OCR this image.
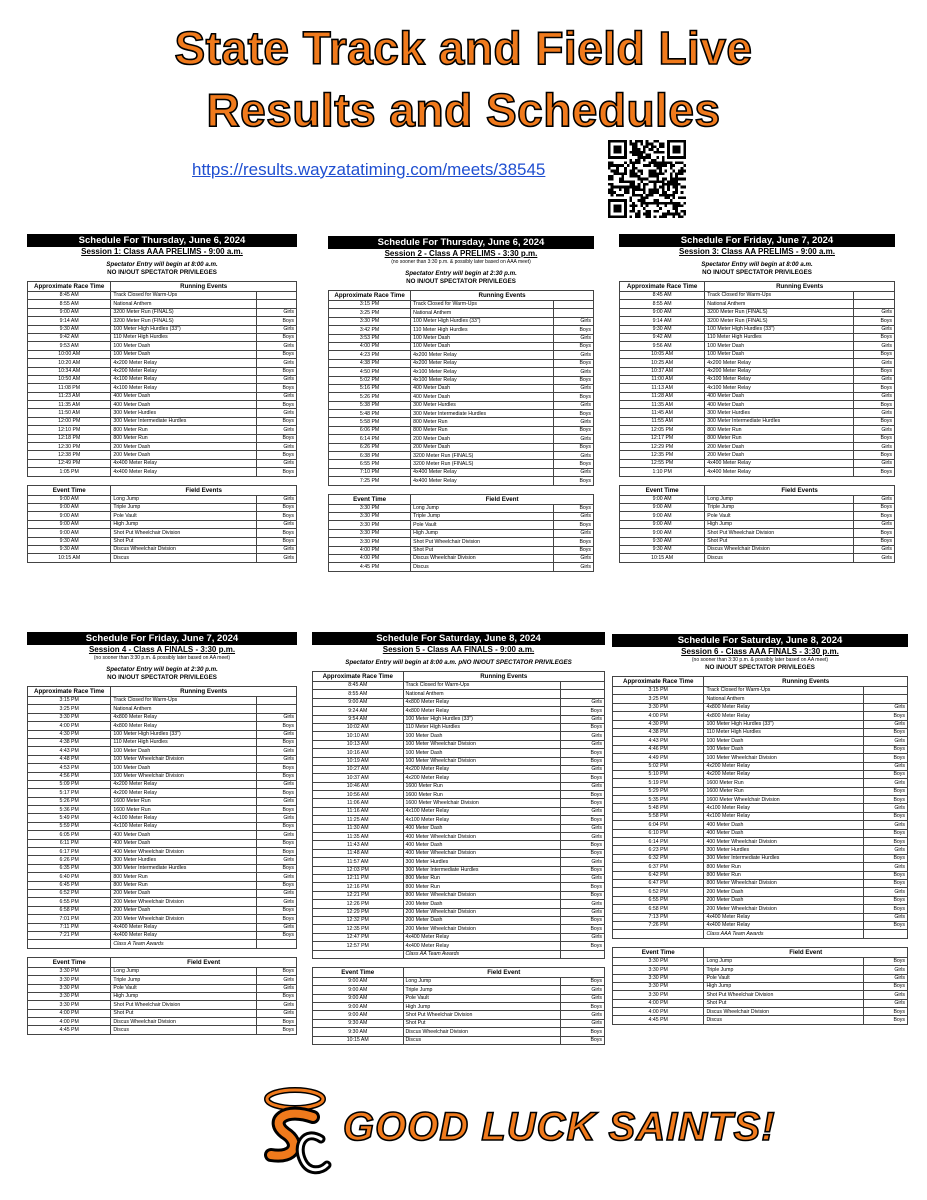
State Track and Field Live
Results and Schedules
https://results.wayzatatiming.com/meets/38545
Schedule For Thursday, June 6, 2024
Session 1: Class AAA PRELIMS - 9:00 a.m.
Spectator Entry will begin at 8:00 a.m.
NO IN/OUT SPECTATOR PRIVILEGES
Approximate Race Time	Running Events	
8:45 AM	Track Closed for Warm-Ups	
8:55 AM	National Anthem	
9:00 AM	3200 Meter Run (FINALS)	Girls
9:14 AM	3200 Meter Run (FINALS)	Boys
9:30 AM	100 Meter High Hurdles (33")	Girls
9:42 AM	110 Meter High Hurdles	Boys
9:53 AM	100 Meter Dash	Girls
10:00 AM	100 Meter Dash	Boys
10:20 AM	4x200 Meter Relay	Girls
10:34 AM	4x200 Meter Relay	Boys
10:50 AM	4x100 Meter Relay	Girls
11:08 PM	4x100 Meter Relay	Boys
11:23 AM	400 Meter Dash	Girls
11:35 AM	400 Meter Dash	Boys
11:50 AM	300 Meter Hurdles	Girls
12:00 PM	300 Meter Intermediate Hurdles	Boys
12:10 PM	800 Meter Run	Girls
12:18 PM	800 Meter Run	Boys
12:30 PM	200 Meter Dash	Girls
12:38 PM	200 Meter Dash	Boys
12:49 PM	4x400 Meter Relay	Girls
1:05 PM	4x400 Meter Relay	Boys
Event Time	Field Events	
9:00 AM	Long Jump	Girls
9:00 AM	Triple Jump	Boys
9:00 AM	Pole Vault	Boys
9:00 AM	High Jump	Girls
9:00 AM	Shot Put Wheelchair Division	Boys
9:30 AM	Shot Put	Boys
9:30 AM	Discus Wheelchair Division	Girls
10:15 AM	Discus	Girls
Schedule For Thursday, June 6, 2024
Session 2 - Class A PRELIMS - 3:30 p.m.
(no sooner than 3:30 p.m. & possibly later based on AAA meet)
Spectator Entry will begin at 2:30 p.m.
NO IN/OUT SPECTATOR PRIVILEGES
Approximate Race Time	Running Events	
3:15 PM	Track Closed for Warm-Ups	
3:25 PM	National Anthem	
3:30 PM	100 Meter High Hurdles (33")	Girls
3:42 PM	110 Meter High Hurdles	Boys
3:53 PM	100 Meter Dash	Girls
4:00 PM	100 Meter Dash	Boys
4:23 PM	4x200 Meter Relay	Girls
4:38 PM	4x200 Meter Relay	Boys
4:50 PM	4x100 Meter Relay	Girls
5:02 PM	4x100 Meter Relay	Boys
5:16 PM	400 Meter Dash	Girls
5:26 PM	400 Meter Dash	Boys
5:38 PM	300 Meter Hurdles	Girls
5:48 PM	300 Meter Intermediate Hurdles	Boys
5:58 PM	800 Meter Run	Girls
6:06 PM	800 Meter Run	Boys
6:14 PM	200 Meter Dash	Girls
6:26 PM	200 Meter Dash	Boys
6:38 PM	3200 Meter Run (FINALS)	Girls
6:55 PM	3200 Meter Run (FINALS)	Boys
7:10 PM	4x400 Meter Relay	Girls
7:25 PM	4x400 Meter Relay	Boys
Event Time	Field Event	
3:30 PM	Long Jump	Boys
3:30 PM	Triple Jump	Girls
3:30 PM	Pole Vault	Boys
3:30 PM	High Jump	Girls
3:30 PM	Shot Put Wheelchair Division	Boys
4:00 PM	Shot Put	Boys
4:00 PM	Discus Wheelchair Division	Girls
4:45 PM	Discus	Girls
Schedule For Friday, June 7, 2024
Session 3: Class AA PRELIMS - 9:00 a.m.
Spectator Entry will begin at 8:00 a.m.
NO IN/OUT SPECTATOR PRIVILEGES
Approximate Race Time	Running Events	
8:45 AM	Track Closed for Warm-Ups	
8:55 AM	National Anthem	
9:00 AM	3200 Meter Run (FINALS)	Girls
9:14 AM	3200 Meter Run (FINALS)	Boys
9:30 AM	100 Meter High Hurdles (33")	Girls
9:42 AM	110 Meter High Hurdles	Boys
9:56 AM	100 Meter Dash	Girls
10:05 AM	100 Meter Dash	Boys
10:25 AM	4x200 Meter Relay	Girls
10:37 AM	4x200 Meter Relay	Boys
11:00 AM	4x100 Meter Relay	Girls
11:13 AM	4x100 Meter Relay	Boys
11:28 AM	400 Meter Dash	Girls
11:35 AM	400 Meter Dash	Boys
11:45 AM	300 Meter Hurdles	Girls
11:55 AM	300 Meter Intermediate Hurdles	Boys
12:05 PM	800 Meter Run	Girls
12:17 PM	800 Meter Run	Boys
12:29 PM	200 Meter Dash	Girls
12:35 PM	200 Meter Dash	Boys
12:55 PM	4x400 Meter Relay	Girls
1:10 PM	4x400 Meter Relay	Boys
Event Time	Field Events	
9:00 AM	Long Jump	Girls
9:00 AM	Triple Jump	Boys
9:00 AM	Pole Vault	Boys
9:00 AM	High Jump	Girls
9:00 AM	Shot Put Wheelchair Division	Boys
9:30 AM	Shot Put	Boys
9:30 AM	Discus Wheelchair Division	Girls
10:15 AM	Discus	Girls
Schedule For Friday, June 7, 2024
Session 4 - Class A FINALS - 3:30 p.m.
(no sooner than 3:30 p.m. & possibly later based on AA meet)
Spectator Entry will begin at 2:30 p.m.
NO IN/OUT SPECTATOR PRIVILEGES
Approximate Race Time	Running Events	
3:15 PM	Track Closed for Warm-Ups	
3:25 PM	National Anthem	
3:30 PM	4x800 Meter Relay	Girls
4:00 PM	4x800 Meter Relay	Boys
4:30 PM	100 Meter High Hurdles (33")	Girls
4:38 PM	110 Meter High Hurdles	Boys
4:43 PM	100 Meter Dash	Girls
4:48 PM	100 Meter Wheelchair Division	Girls
4:53 PM	100 Meter Dash	Boys
4:56 PM	100 Meter Wheelchair Division	Boys
5:09 PM	4x200 Meter Relay	Girls
5:17 PM	4x200 Meter Relay	Boys
5:26 PM	1600 Meter Run	Girls
5:36 PM	1600 Meter Run	Boys
5:49 PM	4x100 Meter Relay	Girls
5:59 PM	4x100 Meter Relay	Boys
6:05 PM	400 Meter Dash	Girls
6:11 PM	400 Meter Dash	Boys
6:17 PM	400 Meter Wheelchair Division	Boys
6:26 PM	300 Meter Hurdles	Girls
6:35 PM	300 Meter Intermediate Hurdles	Boys
6:40 PM	800 Meter Run	Girls
6:45 PM	800 Meter Run	Boys
6:52 PM	200 Meter Dash	Girls
6:55 PM	200 Meter Wheelchair Division	Girls
6:58 PM	200 Meter Dash	Boys
7:01 PM	200 Meter Wheelchair Division	Boys
7:11 PM	4x400 Meter Relay	Girls
7:21 PM	4x400 Meter Relay	Boys
	Class A Team Awards	
Event Time	Field Event	
3:30 PM	Long Jump	Boys
3:30 PM	Triple Jump	Girls
3:30 PM	Pole Vault	Girls
3:30 PM	High Jump	Boys
3:30 PM	Shot Put Wheelchair Division	Girls
4:00 PM	Shot Put	Girls
4:00 PM	Discus Wheelchair Division	Boys
4:45 PM	Discus	Boys
Schedule For Saturday, June 8, 2024
Session 5 - Class AA FINALS - 9:00 a.m.
Spectator Entry will begin at 8:00 a.m. pNO IN/OUT SPECTATOR PRIVILEGES
Approximate Race Time	Running Events	
8:45 AM	Track Closed for Warm-Ups	
8:55 AM	National Anthem	
9:00 AM	4x800 Meter Relay	Girls
9:24 AM	4x800 Meter Relay	Boys
9:54 AM	100 Meter High Hurdles (33")	Girls
10:02 AM	110 Meter High Hurdles	Boys
10:10 AM	100 Meter Dash	Girls
10:13 AM	100 Meter Wheelchair Division	Girls
10:16 AM	100 Meter Dash	Boys
10:19 AM	100 Meter Wheelchair Division	Boys
10:27 AM	4x200 Meter Relay	Girls
10:37 AM	4x200 Meter Relay	Boys
10:46 AM	1600 Meter Run	Girls
10:56 AM	1600 Meter Run	Boys
11:06 AM	1600 Meter Wheelchair Division	Boys
11:16 AM	4x100 Meter Relay	Girls
11:25 AM	4x100 Meter Relay	Boys
11:30 AM	400 Meter Dash	Girls
11:35 AM	400 Meter Wheelchair Division	Girls
11:43 AM	400 Meter Dash	Boys
11:48 AM	400 Meter Wheelchair Division	Boys
11:57 AM	300 Meter Hurdles	Girls
12:03 PM	300 Meter Intermediate Hurdles	Boys
12:11 PM	800 Meter Run	Girls
12:16 PM	800 Meter Run	Boys
12:21 PM	800 Meter Wheelchair Division	Boys
12:26 PM	200 Meter Dash	Girls
12:29 PM	200 Meter Wheelchair Division	Girls
12:32 PM	200 Meter Dash	Boys
12:35 PM	200 Meter Wheelchair Division	Boys
12:47 PM	4x400 Meter Relay	Girls
12:57 PM	4x400 Meter Relay	Boys
	Class AA Team Awards	
Event Time	Field Event	
9:00 AM	Long Jump	Boys
9:00 AM	Triple Jump	Girls
9:00 AM	Pole Vault	Girls
9:00 AM	High Jump	Boys
9:00 AM	Shot Put Wheelchair Division	Girls
9:30 AM	Shot Put	Girls
9:30 AM	Discus Wheelchair Division	Boys
10:15 AM	Discus	Boys
Schedule For Saturday, June 8, 2024
Session 6 - Class AAA FINALS - 3:30 p.m.
(no sooner than 3:30 p.m. & possibly later based on AA meet)
NO IN/OUT SPECTATOR PRIVILEGES
Approximate Race Time	Running Events	
3:15 PM	Track Closed for Warm-Ups	
3:25 PM	National Anthem	
3:30 PM	4x800 Meter Relay	Girls
4:00 PM	4x800 Meter Relay	Boys
4:30 PM	100 Meter High Hurdles (33")	Girls
4:38 PM	110 Meter High Hurdles	Boys
4:43 PM	100 Meter Dash	Girls
4:46 PM	100 Meter Dash	Boys
4:49 PM	100 Meter Wheelchair Division	Boys
5:02 PM	4x200 Meter Relay	Girls
5:10 PM	4x200 Meter Relay	Boys
5:19 PM	1600 Meter Run	Girls
5:29 PM	1600 Meter Run	Boys
5:35 PM	1600 Meter Wheelchair Division	Boys
5:48 PM	4x100 Meter Relay	Girls
5:58 PM	4x100 Meter Relay	Boys
6:04 PM	400 Meter Dash	Girls
6:10 PM	400 Meter Dash	Boys
6:14 PM	400 Meter Wheelchair Division	Boys
6:23 PM	300 Meter Hurdles	Girls
6:32 PM	300 Meter Intermediate Hurdles	Boys
6:37 PM	800 Meter Run	Girls
6:42 PM	800 Meter Run	Boys
6:47 PM	800 Meter Wheelchair Division	Boys
6:52 PM	200 Meter Dash	Girls
6:55 PM	200 Meter Dash	Boys
6:58 PM	200 Meter Wheelchair Division	Boys
7:13 PM	4x400 Meter Relay	Girls
7:26 PM	4x400 Meter Relay	Boys
	Class AAA Team Awards	
Event Time	Field Event	
3:30 PM	Long Jump	Boys
3:30 PM	Triple Jump	Girls
3:30 PM	Pole Vault	Girls
3:30 PM	High Jump	Boys
3:30 PM	Shot Put Wheelchair Division	Girls
4:00 PM	Shot Put	Girls
4:00 PM	Discus Wheelchair Division	Boys
4:45 PM	Discus	Boys
GOOD LUCK SAINTS!
